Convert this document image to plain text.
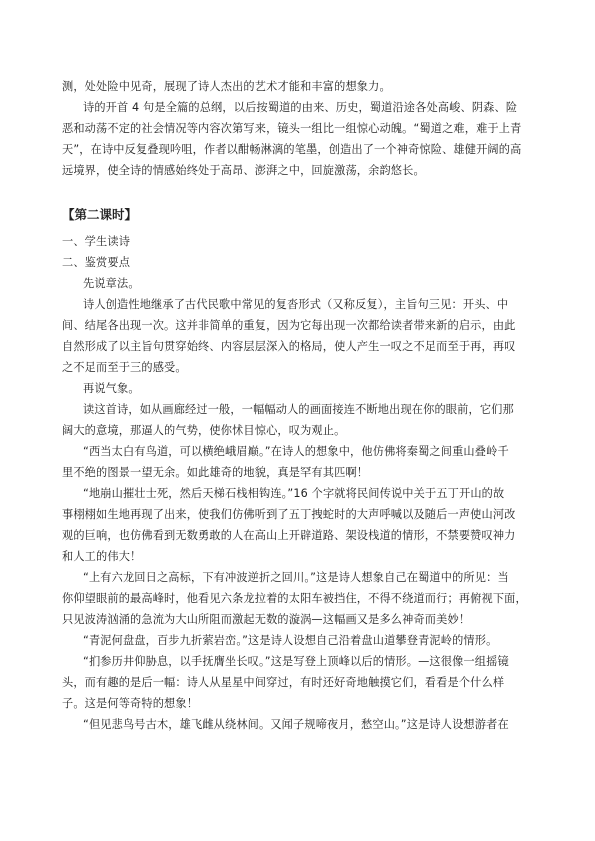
测，处处险中见奇，展现了诗人杰出的艺术才能和丰富的想象力。
诗的开首 4 句是全篇的总纲，以后按蜀道的由来、历史，蜀道沿途各处高峻、阴森、险
恶和动荡不定的社会情况等内容次第写来，镜头一组比一组惊心动魄。“蜀道之难，难于上青
天”，在诗中反复叠现吟咀，作者以酣畅淋漓的笔墨，创造出了一个神奇惊险、雄健开阔的高
远境界，使全诗的情感始终处于高昂、澎湃之中，回旋激荡，余韵悠长。
【第二课时】
一、学生读诗
二、鉴赏要点
先说章法。
诗人创造性地继承了古代民歌中常见的复沓形式（又称反复），主旨句三见：开头、中
间、结尾各出现一次。这并非简单的重复，因为它每出现一次都给读者带来新的启示，由此
自然形成了以主旨句贯穿始终、内容层层深入的格局，使人产生一叹之不足而至于再，再叹
之不足而至于三的感受。
再说气象。
读这首诗，如从画廊经过一般，一幅幅动人的画面接连不断地出现在你的眼前，它们那
阔大的意境，那逼人的气势，使你怵目惊心，叹为观止。
“西当太白有鸟道，可以横绝峨眉巅。”在诗人的想象中，他仿佛将秦蜀之间重山叠岭千
里不绝的图景一望无余。如此雄奇的地貌，真是罕有其匹啊！
“地崩山摧壮士死，然后天梯石栈相钩连。”16 个字就将民间传说中关于五丁开山的故
事栩栩如生地再现了出来，使我们仿佛听到了五丁拽蛇时的大声呼喊以及随后一声使山河改
观的巨响，也仿佛看到无数勇敢的人在高山上开辟道路、架设栈道的情形，不禁要赞叹神力
和人工的伟大！
“上有六龙回日之高标，下有冲波逆折之回川。”这是诗人想象自己在蜀道中的所见：当
你仰望眼前的最高峰时，他看见六条龙拉着的太阳车被挡住，不得不绕道而行；再俯视下面，
只见波涛汹涌的急流为大山所阻而激起无数的漩涡—这幅画又是多么神奇而美妙！
“青泥何盘盘，百步九折萦岩峦。”这是诗人设想自己沿着盘山道攀登青泥岭的情形。
“扪参历井仰胁息，以手抚膺坐长叹。”这是写登上顶峰以后的情形。—这很像一组摇镜
头，而有趣的是后一幅：诗人从星星中间穿过，有时还好奇地触摸它们，看看是个什么样
子。这是何等奇特的想象！
“但见悲鸟号古木，雄飞雌从绕林间。又闻子规啼夜月，愁空山。”这是诗人设想游者在
